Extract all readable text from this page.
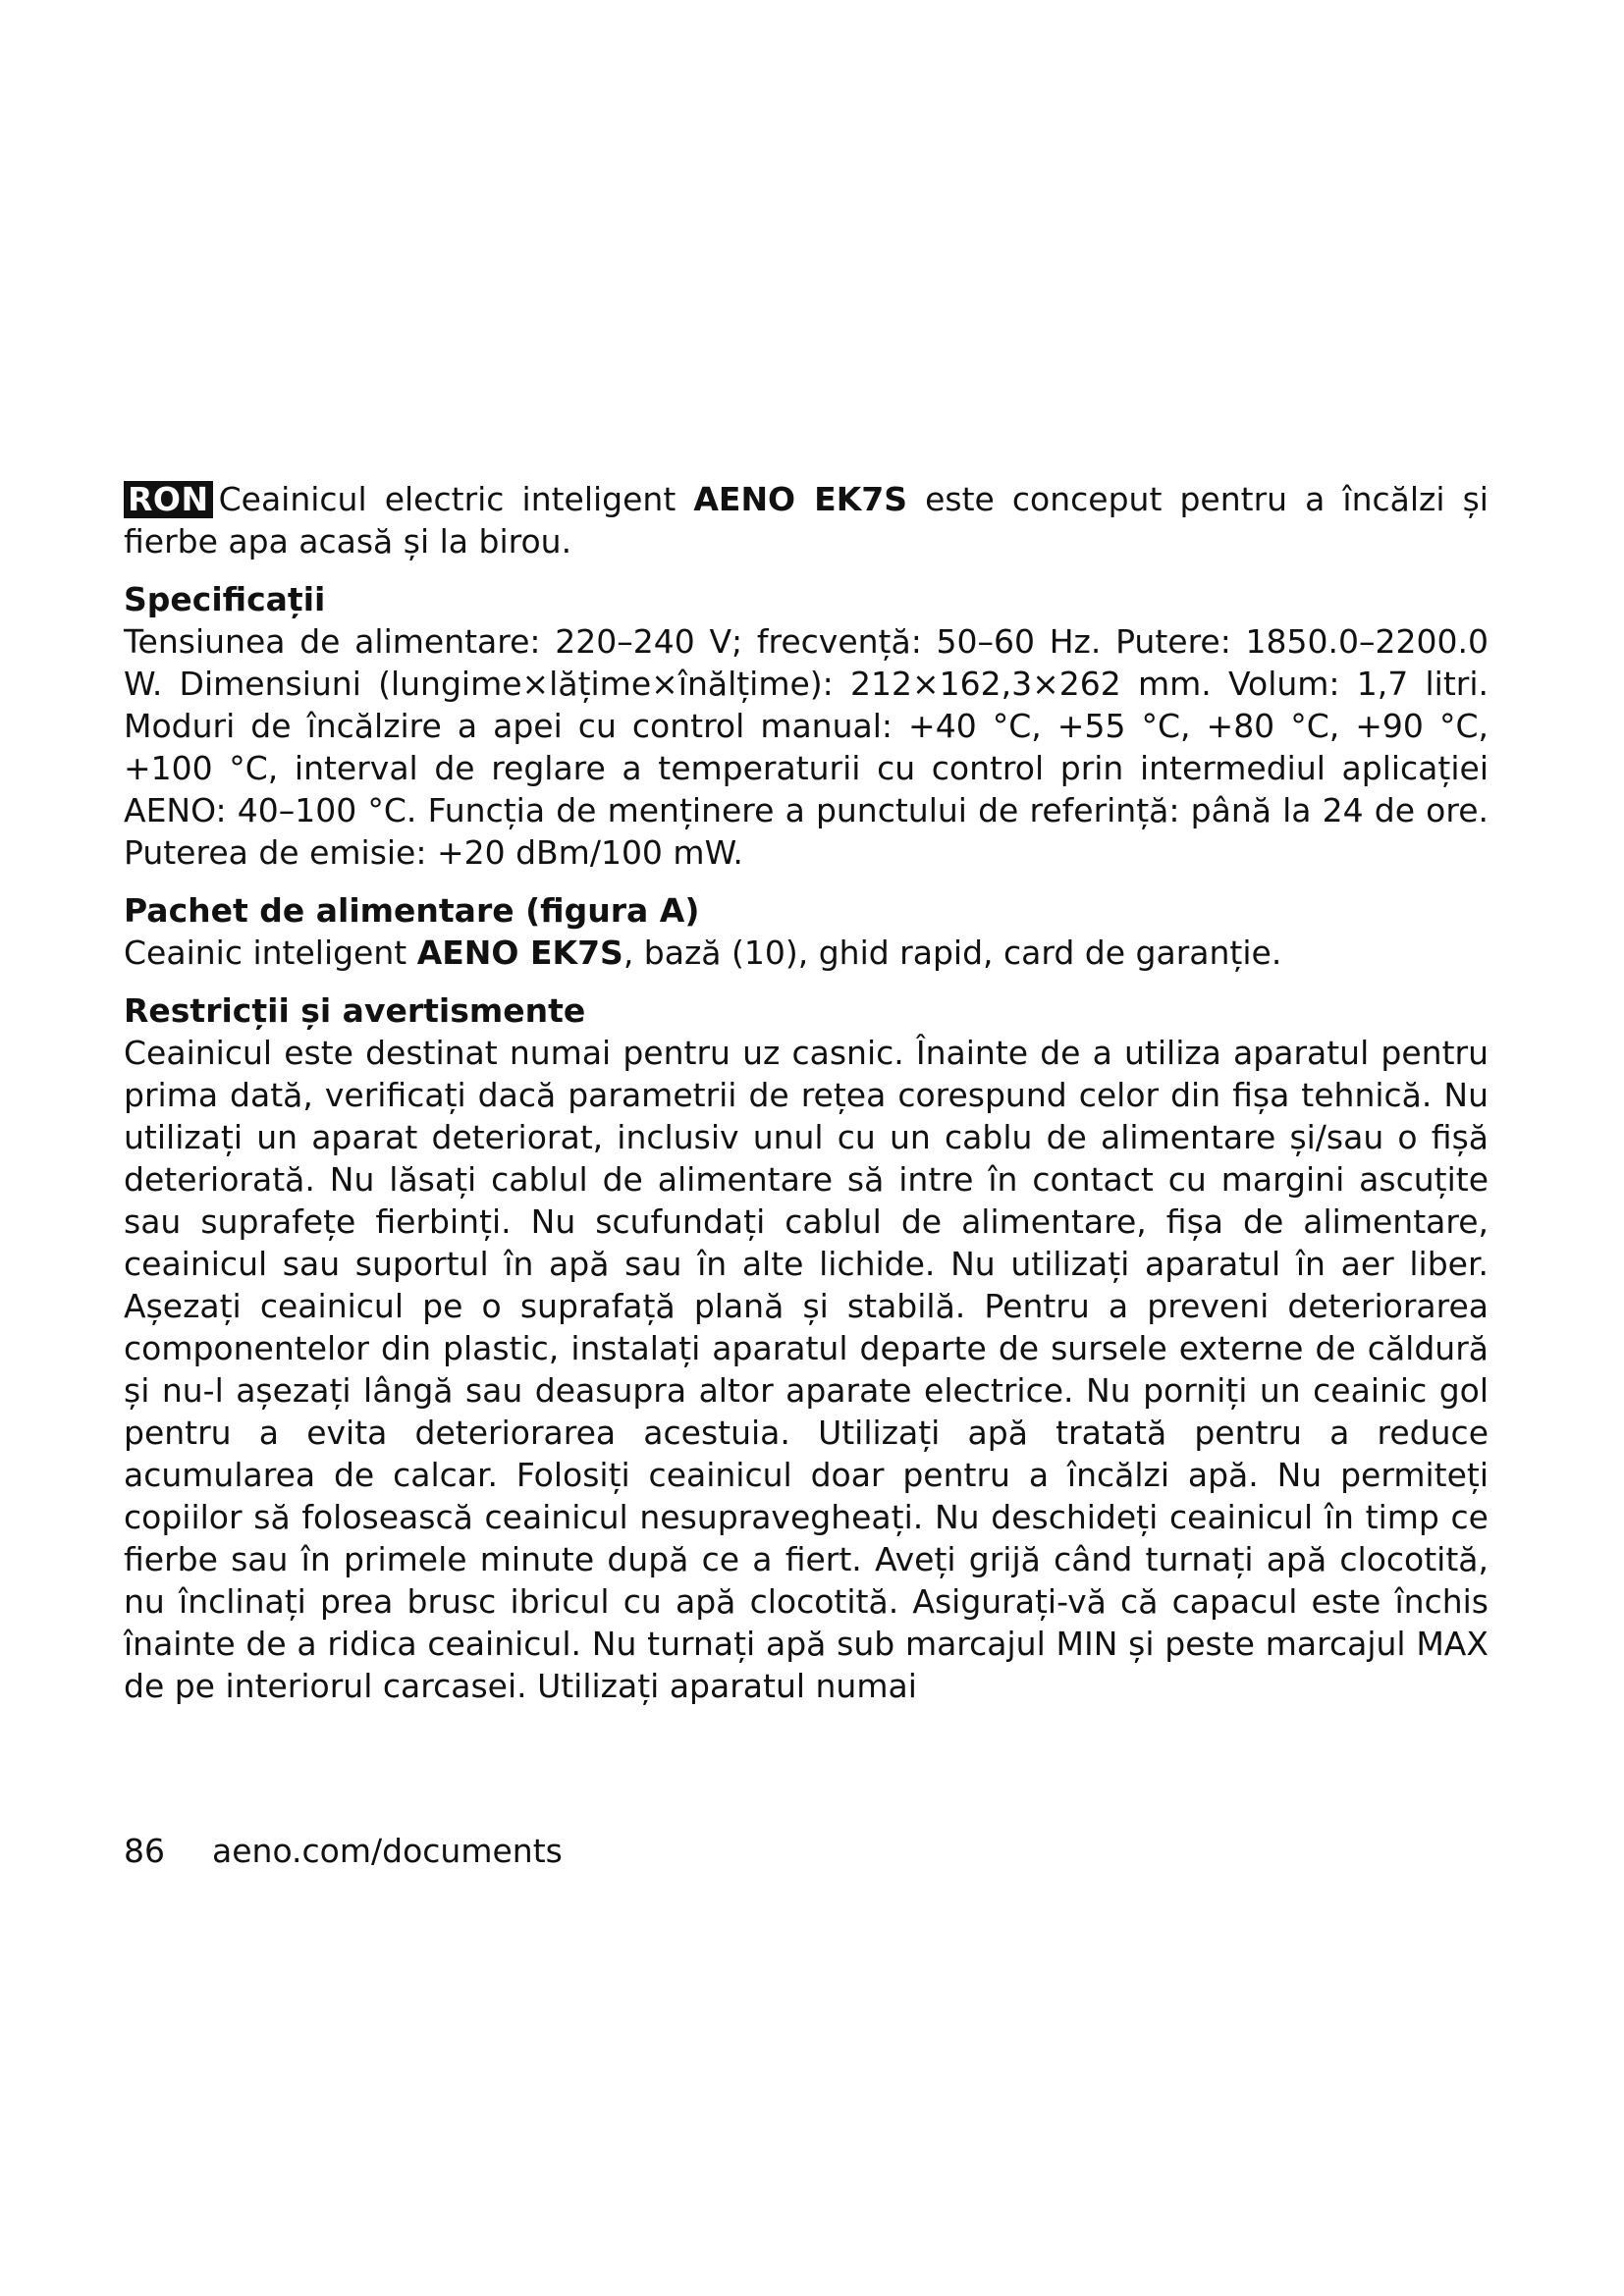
RON Ceainicul electric inteligent AENO EK7S este conceput pentru a încălzi și fierbe apa acasă și la birou.

Specificații

Tensiunea de alimentare: 220–240 V; frecvență: 50–60 Hz. Putere: 1850.0–2200.0 W. Dimensiuni (lungime×lățime×înălțime): 212×162,3×262 mm. Volum: 1,7 litri. Moduri de încălzire a apei cu control manual: +40 °C, +55 °C, +80 °C, +90 °C, +100 °C, interval de reglare a temperaturii cu control prin intermediul aplicației AENO: 40–100 °C. Funcția de menținere a punctului de referință: până la 24 de ore. Puterea de emisie: +20 dBm/100 mW.

Pachet de alimentare (figura A)

Ceainic inteligent AENO EK7S, bază (10), ghid rapid, card de garanție.

Restricții și avertismente

Ceainicul este destinat numai pentru uz casnic. Înainte de a utiliza aparatul pentru prima dată, verificați dacă parametrii de rețea corespund celor din fișa tehnică. Nu utilizați un aparat deteriorat, inclusiv unul cu un cablu de alimentare și/sau o fișă deteriorată. Nu lăsați cablul de alimentare să intre în contact cu margini ascuțite sau suprafețe fierbinți. Nu scufundați cablul de alimentare, fișa de alimentare, ceainicul sau suportul în apă sau în alte lichide. Nu utilizați aparatul în aer liber. Așezați ceainicul pe o suprafață plană și stabilă. Pentru a preveni deteriorarea componentelor din plastic, instalați aparatul departe de sursele externe de căldură și nu-l așezați lângă sau deasupra altor aparate electrice. Nu porniți un ceainic gol pentru a evita deteriorarea acestuia. Utilizați apă tratată pentru a reduce acumularea de calcar. Folosiți ceainicul doar pentru a încălzi apă. Nu permiteți copiilor să folosească ceainicul nesupravegheați. Nu deschideți ceainicul în timp ce fierbe sau în primele minute după ce a fiert. Aveți grijă când turnați apă clocotită, nu înclinați prea brusc ibricul cu apă clocotită. Asigurați-vă că capacul este închis înainte de a ridica ceainicul. Nu turnați apă sub marcajul MIN și peste marcajul MAX de pe interiorul carcasei. Utilizați aparatul numai

86 aeno.com/documents
